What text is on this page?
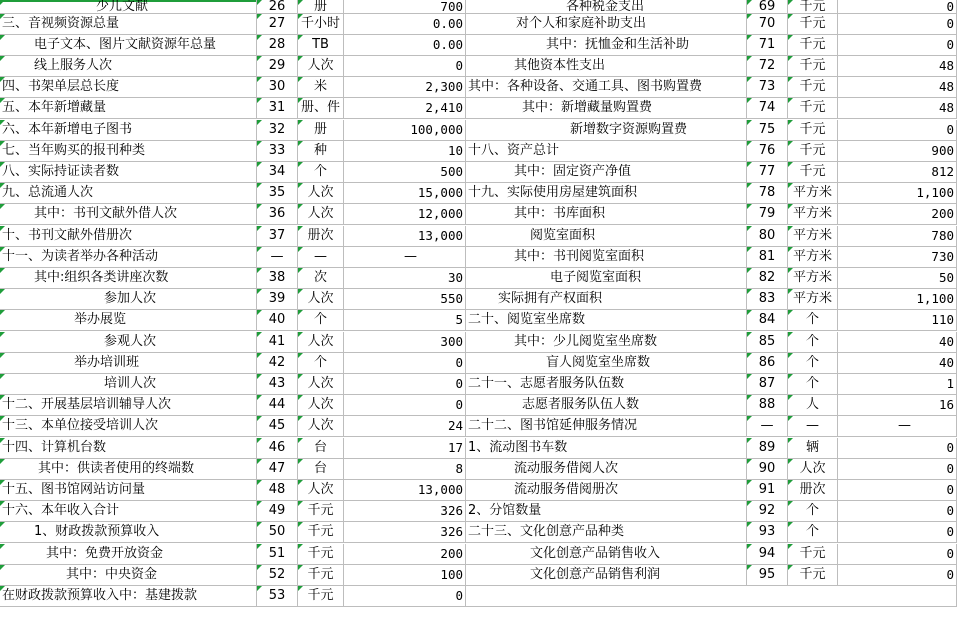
少儿文献	26	册	700	各种税金支出	69	千元	0
三、音视频资源总量	27	千小时	0.00	对个人和家庭补助支出	70	千元	0
电子文本、图片文献资源年总量	28	TB	0.00	其中：抚恤金和生活补助	71	千元	0
线上服务人次	29	人次	0	其他资本性支出	72	千元	48
四、书架单层总长度	30	米	2,300 其中：各种设备、交通工具、图书购置费	73	千元	48
五、本年新增藏量	31	册、件	2,410	其中：新增藏量购置费	74	千元	48
六、本年新增电子图书	32	册	100,000	新增数字资源购置费	75	千元	0
七、当年购买的报刊种类	33	种	10 十八、资产总计	76	千元	900
八、实际持证读者数	34	个	500	其中：固定资产净值	77	千元	812
九、总流通人次	35	人次	15,000 十九、实际使用房屋建筑面积	78	平方米	1,100
其中：书刊文献外借人次	36	人次	12,000	其中：书库面积	79	平方米	200
十、书刊文献外借册次	37	册次	13,000	阅览室面积	80	平方米	780
十一、为读者举办各种活动	—	—	—	其中：书刊阅览室面积	81	平方米	730
其中:组织各类讲座次数	38	次	30	电子阅览室面积	82	平方米	50
参加人次	39	人次	550	实际拥有产权面积	83	平方米	1,100
举办展览	40	个	5 二十、阅览室坐席数	84	个	110
参观人次	41	人次	300	其中：少儿阅览室坐席数	85	个	40
举办培训班	42	个	0	盲人阅览室坐席数	86	个	40
培训人次	43	人次	0 二十一、志愿者服务队伍数	87	个	1
十二、开展基层培训辅导人次	44	人次	0	志愿者服务队伍人数	88	人	16
十三、本单位接受培训人次	45	人次	24 二十二、图书馆延伸服务情况	—	—	—
十四、计算机台数	46	台	17 1、流动图书车数	89	辆	0
其中：供读者使用的终端数	47	台	8	流动服务借阅人次	90	人次	0
十五、图书馆网站访问量	48	人次	13,000	流动服务借阅册次	91	册次	0
十六、本年收入合计	49	千元	326 2、分馆数量	92	个	0
1、财政拨款预算收入	50	千元	326 二十三、文化创意产品种类	93	个	0
其中：免费开放资金	51	千元	200	文化创意产品销售收入	94	千元	0
其中：中央资金	52	千元	100	文化创意产品销售利润	95	千元	0
在财政拨款预算收入中：基建拨款	53	千元	0
